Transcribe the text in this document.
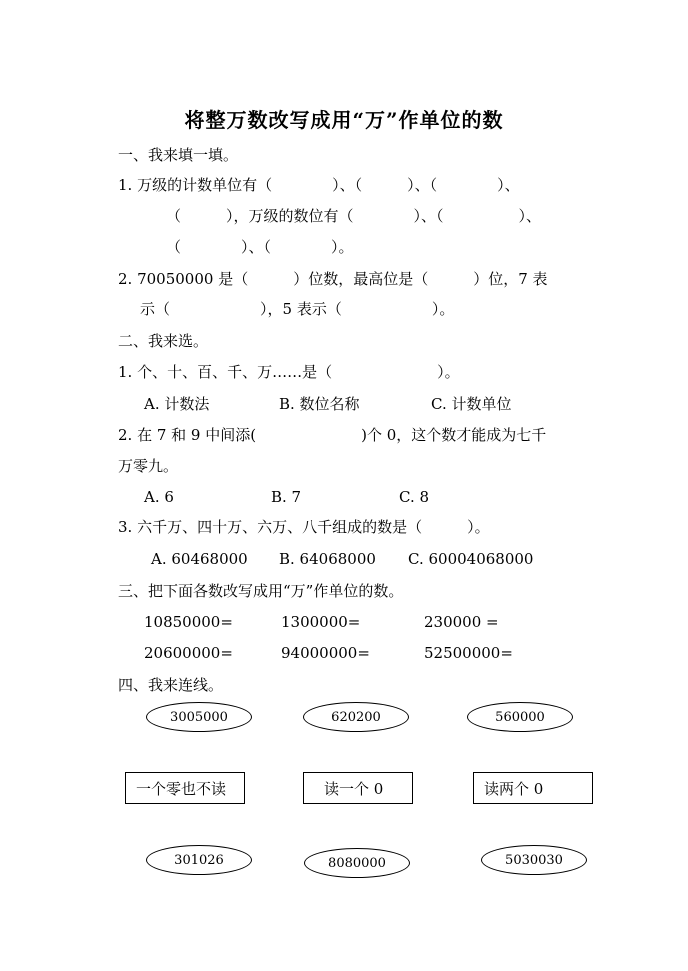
将整万数改写成用“万”作单位的数
一、我来填一填。
1. 万级的计数单位有（　　　　）、（　　　）、（　　　　）、
（　　　），万级的数位有（　　　　）、（　　　　　）、
（　　　　）、（　　　　）。
2. 70050000 是（　　　）位数，最高位是（　　　）位，7 表
示（　　　　　　），5 表示（　　　　　　）。
二、我来选。
1. 个、十、百、千、万……是（　　　　　　　）。
A. 计数法	B. 数位名称	C. 计数单位
2. 在 7 和 9 中间添(　　　　　　　)个 0，这个数才能成为七千
万零九。
A. 6	B. 7	C. 8
3. 六千万、四十万、六万、八千组成的数是（　　　）。
A. 60468000 B. 64068000 C. 60004068000
三、把下面各数改写成用“万”作单位的数。
10850000=	1300000=	230000 =
20600000=	94000000=	52500000=
四、我来连线。
3005000	620200	560000
一个零也不读	读一个 0	读两个 0
301026	8080000	5030030
